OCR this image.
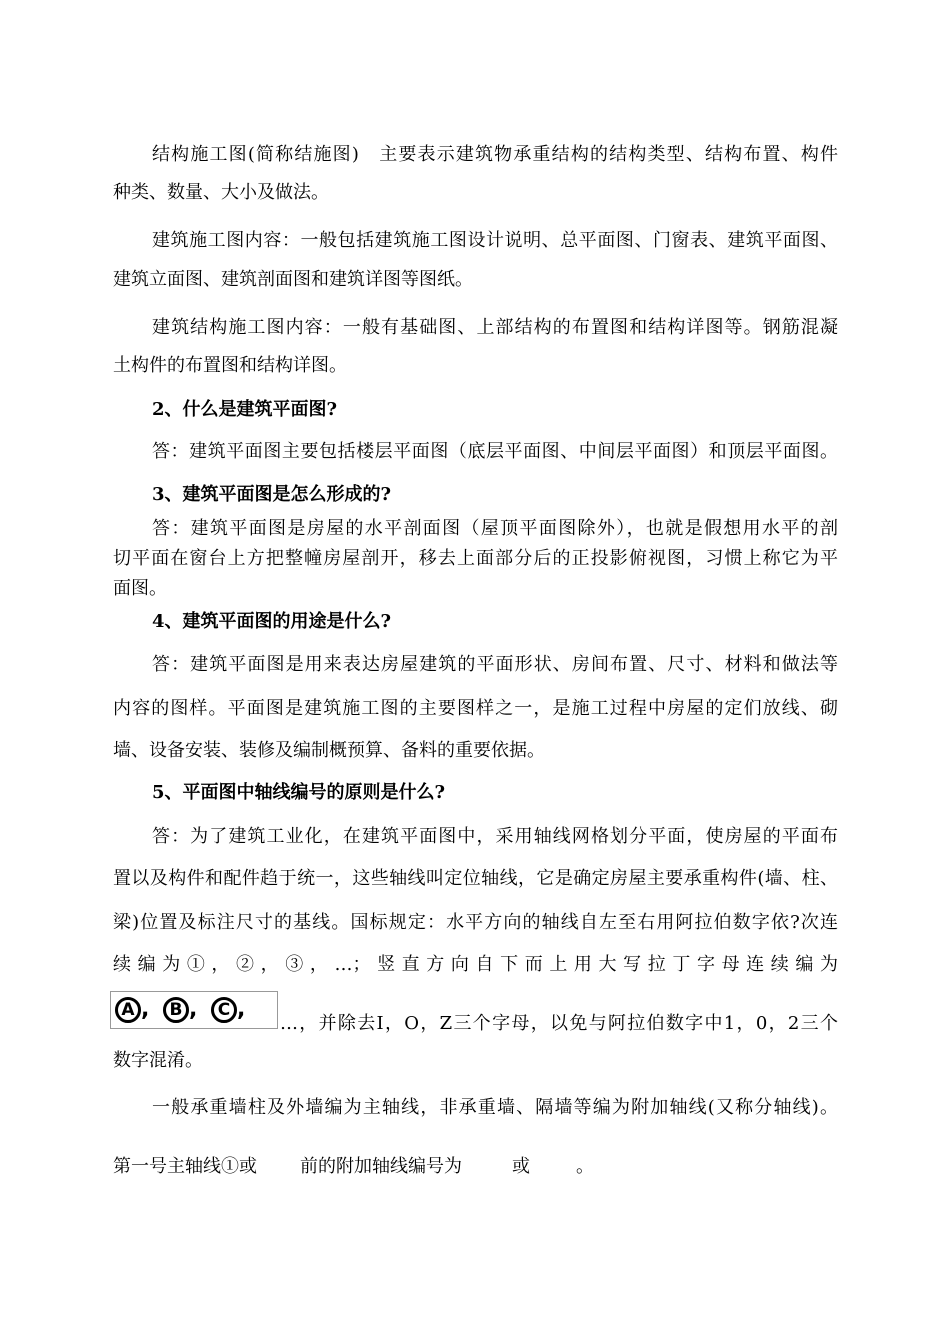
结构施工图(简称结施图)　主要表示建筑物承重结构的结构类型、结构布置、构件
种类、数量、大小及做法。
建筑施工图内容：一般包括建筑施工图设计说明、总平面图、门窗表、建筑平面图、
建筑立面图、建筑剖面图和建筑详图等图纸。
建筑结构施工图内容：一般有基础图、上部结构的布置图和结构详图等。钢筋混凝
土构件的布置图和结构详图。
2、什么是建筑平面图?
答：建筑平面图主要包括楼层平面图（底层平面图、中间层平面图）和顶层平面图。
3、建筑平面图是怎么形成的?
答：建筑平面图是房屋的水平剖面图（屋顶平面图除外），也就是假想用水平的剖
切平面在窗台上方把整幢房屋剖开，移去上面部分后的正投影俯视图，习惯上称它为平
面图。
4、建筑平面图的用途是什么?
答：建筑平面图是用来表达房屋建筑的平面形状、房间布置、尺寸、材料和做法等
内容的图样。平面图是建筑施工图的主要图样之一，是施工过程中房屋的定们放线、砌
墙、设备安装、装修及编制概预算、备料的重要依据。
5、平面图中轴线编号的原则是什么?
答：为了建筑工业化，在建筑平面图中，采用轴线网格划分平面，使房屋的平面布
置以及构件和配件趋于统一，这些轴线叫定位轴线，它是确定房屋主要承重构件(墙、柱、
梁)位置及标注尺寸的基线。国标规定：水平方向的轴线自左至右用阿拉伯数字依?次连
续编为①，②，③，…；竖直方向自下而上用大写拉丁字母连续编为
A ,	B ,	C ,
…，并除去I，O，Z三个字母，以免与阿拉伯数字中1，0，2三个
数字混淆。
一般承重墙柱及外墙编为主轴线，非承重墙、隔墙等编为附加轴线(又称分轴线)。
第一号主轴线①或 前的附加轴线编号为	或	。
